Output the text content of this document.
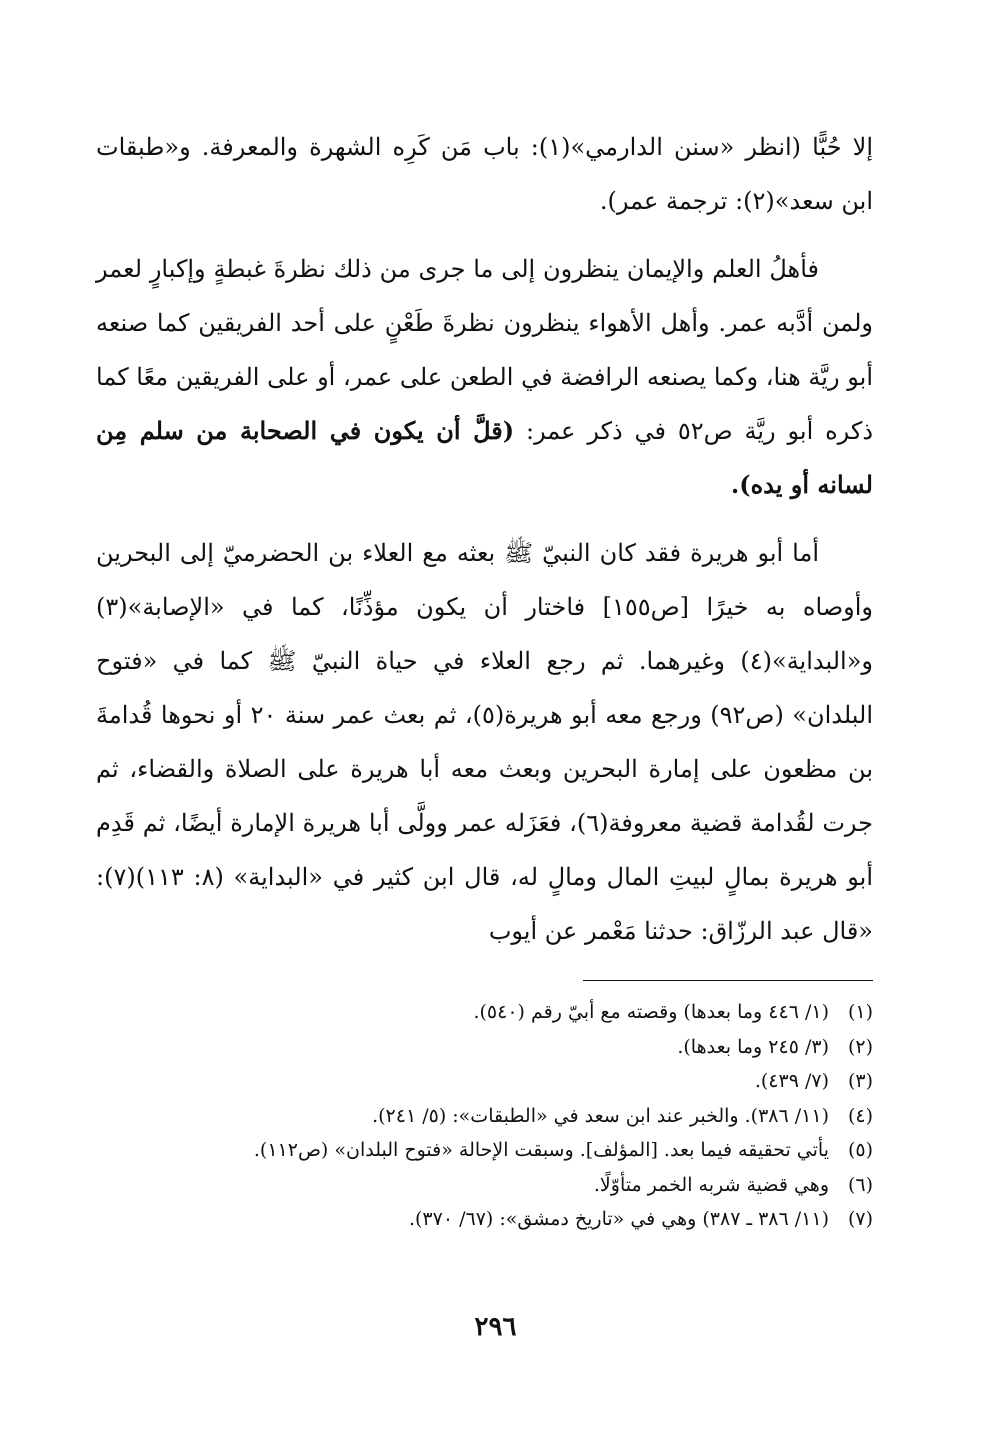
إلا حُبًّا (انظر «سنن الدارمي»(١): باب مَن كَرِه الشهرة والمعرفة. و«طبقات ابن سعد»(٢): ترجمة عمر).

فأهلُ العلم والإيمان ينظرون إلى ما جرى من ذلك نظرةَ غبطةٍ وإكبارٍ لعمر ولمن أدَّبه عمر. وأهل الأهواء ينظرون نظرةَ طَعْنٍ على أحد الفريقين كما صنعه أبو ريَّة هنا، وكما يصنعه الرافضة في الطعن على عمر، أو على الفريقين معًا كما ذكره أبو ريَّة ص٥٢ في ذكر عمر: (قلَّ أن يكون في الصحابة من سلم مِن لسانه أو يده).

أما أبو هريرة فقد كان النبيّ ﷺ بعثه مع العلاء بن الحضرميّ إلى البحرين وأوصاه به خيرًا [ص١٥٥] فاختار أن يكون مؤذِّنًا، كما في «الإصابة»(٣) و«البداية»(٤) وغيرهما. ثم رجع العلاء في حياة النبيّ ﷺ كما في «فتوح البلدان» (ص٩٢) ورجع معه أبو هريرة(٥)، ثم بعث عمر سنة ٢٠ أو نحوها قُدامةَ بن مظعون على إمارة البحرين وبعث معه أبا هريرة على الصلاة والقضاء، ثم جرت لقُدامة قضية معروفة(٦)، فعَزَله عمر وولَّى أبا هريرة الإمارة أيضًا، ثم قَدِم أبو هريرة بمالٍ لبيتِ المال ومالٍ له، قال ابن كثير في «البداية» (٨: ١١٣)(٧): «قال عبد الرزّاق: حدثنا مَعْمر عن أيوب

(١)(١/ ٤٤٦ وما بعدها) وقصته مع أبيّ رقم (٥٤٠).
(٢)(٣/ ٢٤٥ وما بعدها).
(٣)(٧/ ٤٣٩).
(٤)(١١/ ٣٨٦). والخبر عند ابن سعد في «الطبقات»: (٥/ ٢٤١).
(٥)يأتي تحقيقه فيما بعد. [المؤلف]. وسبقت الإحالة «فتوح البلدان» (ص١١٢).
(٦)وهي قضية شربه الخمر متأوّلًا.
(٧)(١١/ ٣٨٦ ـ ٣٨٧) وهي في «تاريخ دمشق»: (٦٧/ ٣٧٠).
٢٩٦
